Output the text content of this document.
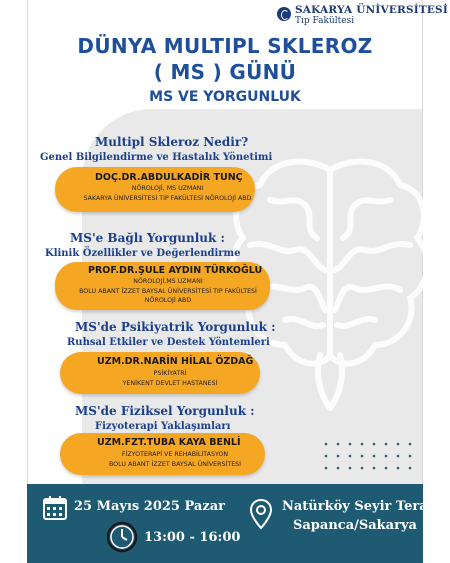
SAKARYA ÜNİVERSİTESİ
Tıp Fakültesi
DÜNYA MULTIPL SKLEROZ
( MS ) GÜNÜ
MS VE YORGUNLUK
Multipl Skleroz Nedir?
Genel Bilgilendirme ve Hastalık Yönetimi
DOÇ.DR.ABDULKADİR TUNÇ
NÖROLOJİ, MS UZMANI
SAKARYA ÜNİVERSİTESİ TIP FAKÜLTESİ NÖROLOJİ ABD
MS'e Bağlı Yorgunluk :
Klinik Özellikler ve Değerlendirme
PROF.DR.ŞULE AYDIN TÜRKOĞLU
NÖROLOJİ,MS UZMANI
BOLU ABANT İZZET BAYSAL ÜNİVERSİTESİ TIP FAKÜLTESİ
NÖROLOJİ ABD
MS'de Psikiyatrik Yorgunluk :
Ruhsal Etkiler ve Destek Yöntemleri
UZM.DR.NARİN HİLAL ÖZDAĞ
PSİKİYATRİ
YENİKENT DEVLET HASTANESİ
MS'de Fiziksel Yorgunluk :
Fizyoterapi Yaklaşımları
UZM.FZT.TUBA KAYA BENLİ
FİZYOTERAPİ VE REHABİLİTASYON
BOLU ABANT İZZET BAYSAL ÜNİVERSİTESİ
25 Mayıs 2025 Pazar
13:00 - 16:00
Natürköy Seyir Terası
Sapanca/Sakarya
